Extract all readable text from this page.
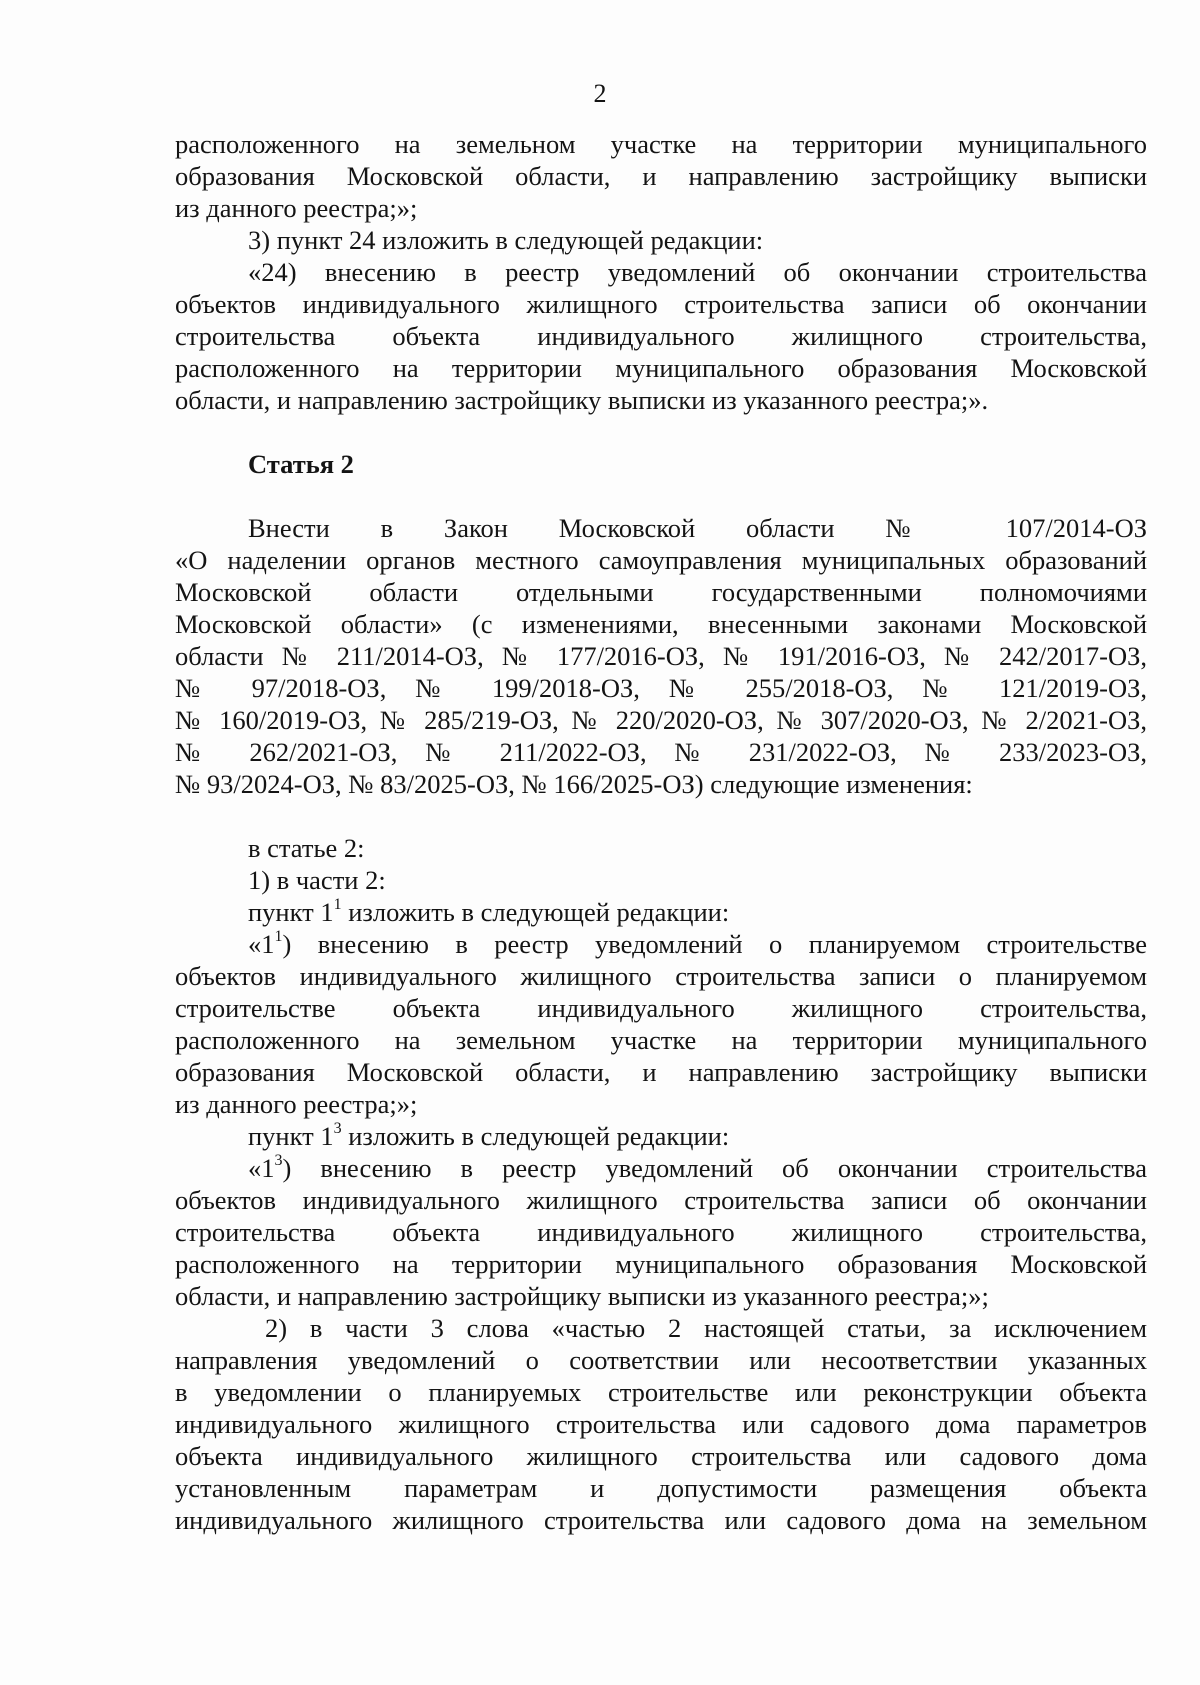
2
расположенного на земельном участке на территории муниципального
образования Московской области, и направлению застройщику выписки
из данного реестра;»;
3) пункт 24 изложить в следующей редакции:
«24) внесению в реестр уведомлений об окончании строительства
объектов индивидуального жилищного строительства записи об окончании
строительства объекта индивидуального жилищного строительства,
расположенного на территории муниципального образования Московской
области, и направлению застройщику выписки из указанного реестра;».
Статья 2
Внести в Закон Московской области № 107/2014-ОЗ
«О наделении органов местного самоуправления муниципальных образований
Московской области отдельными государственными полномочиями
Московской области» (с изменениями, внесенными законами Московской
области № 211/2014-ОЗ, № 177/2016-ОЗ, № 191/2016-ОЗ, № 242/2017-ОЗ,
№ 97/2018-ОЗ, № 199/2018-ОЗ, № 255/2018-ОЗ, № 121/2019-ОЗ,
№ 160/2019-ОЗ, № 285/219-ОЗ, № 220/2020-ОЗ, № 307/2020-ОЗ, № 2/2021-ОЗ,
№ 262/2021-ОЗ, № 211/2022-ОЗ, № 231/2022-ОЗ, № 233/2023-ОЗ,
№ 93/2024-ОЗ, № 83/2025-ОЗ, № 166/2025-ОЗ) следующие изменения:
в статье 2:
1) в части 2:
пункт $1^1$ изложить в следующей редакции:
«$1^1$) внесению в реестр уведомлений о планируемом строительстве
объектов индивидуального жилищного строительства записи о планируемом
строительстве объекта индивидуального жилищного строительства,
расположенного на земельном участке на территории муниципального
образования Московской области, и направлению застройщику выписки
из данного реестра;»;
пункт $1^3$ изложить в следующей редакции:
«$1^3$) внесению в реестр уведомлений об окончании строительства
объектов индивидуального жилищного строительства записи об окончании
строительства объекта индивидуального жилищного строительства,
расположенного на территории муниципального образования Московской
области, и направлению застройщику выписки из указанного реестра;»;
2) в части 3 слова «частью 2 настоящей статьи, за исключением
направления уведомлений о соответствии или несоответствии указанных
в уведомлении о планируемых строительстве или реконструкции объекта
индивидуального жилищного строительства или садового дома параметров
объекта индивидуального жилищного строительства или садового дома
установленным параметрам и допустимости размещения объекта
индивидуального жилищного строительства или садового дома на земельном
